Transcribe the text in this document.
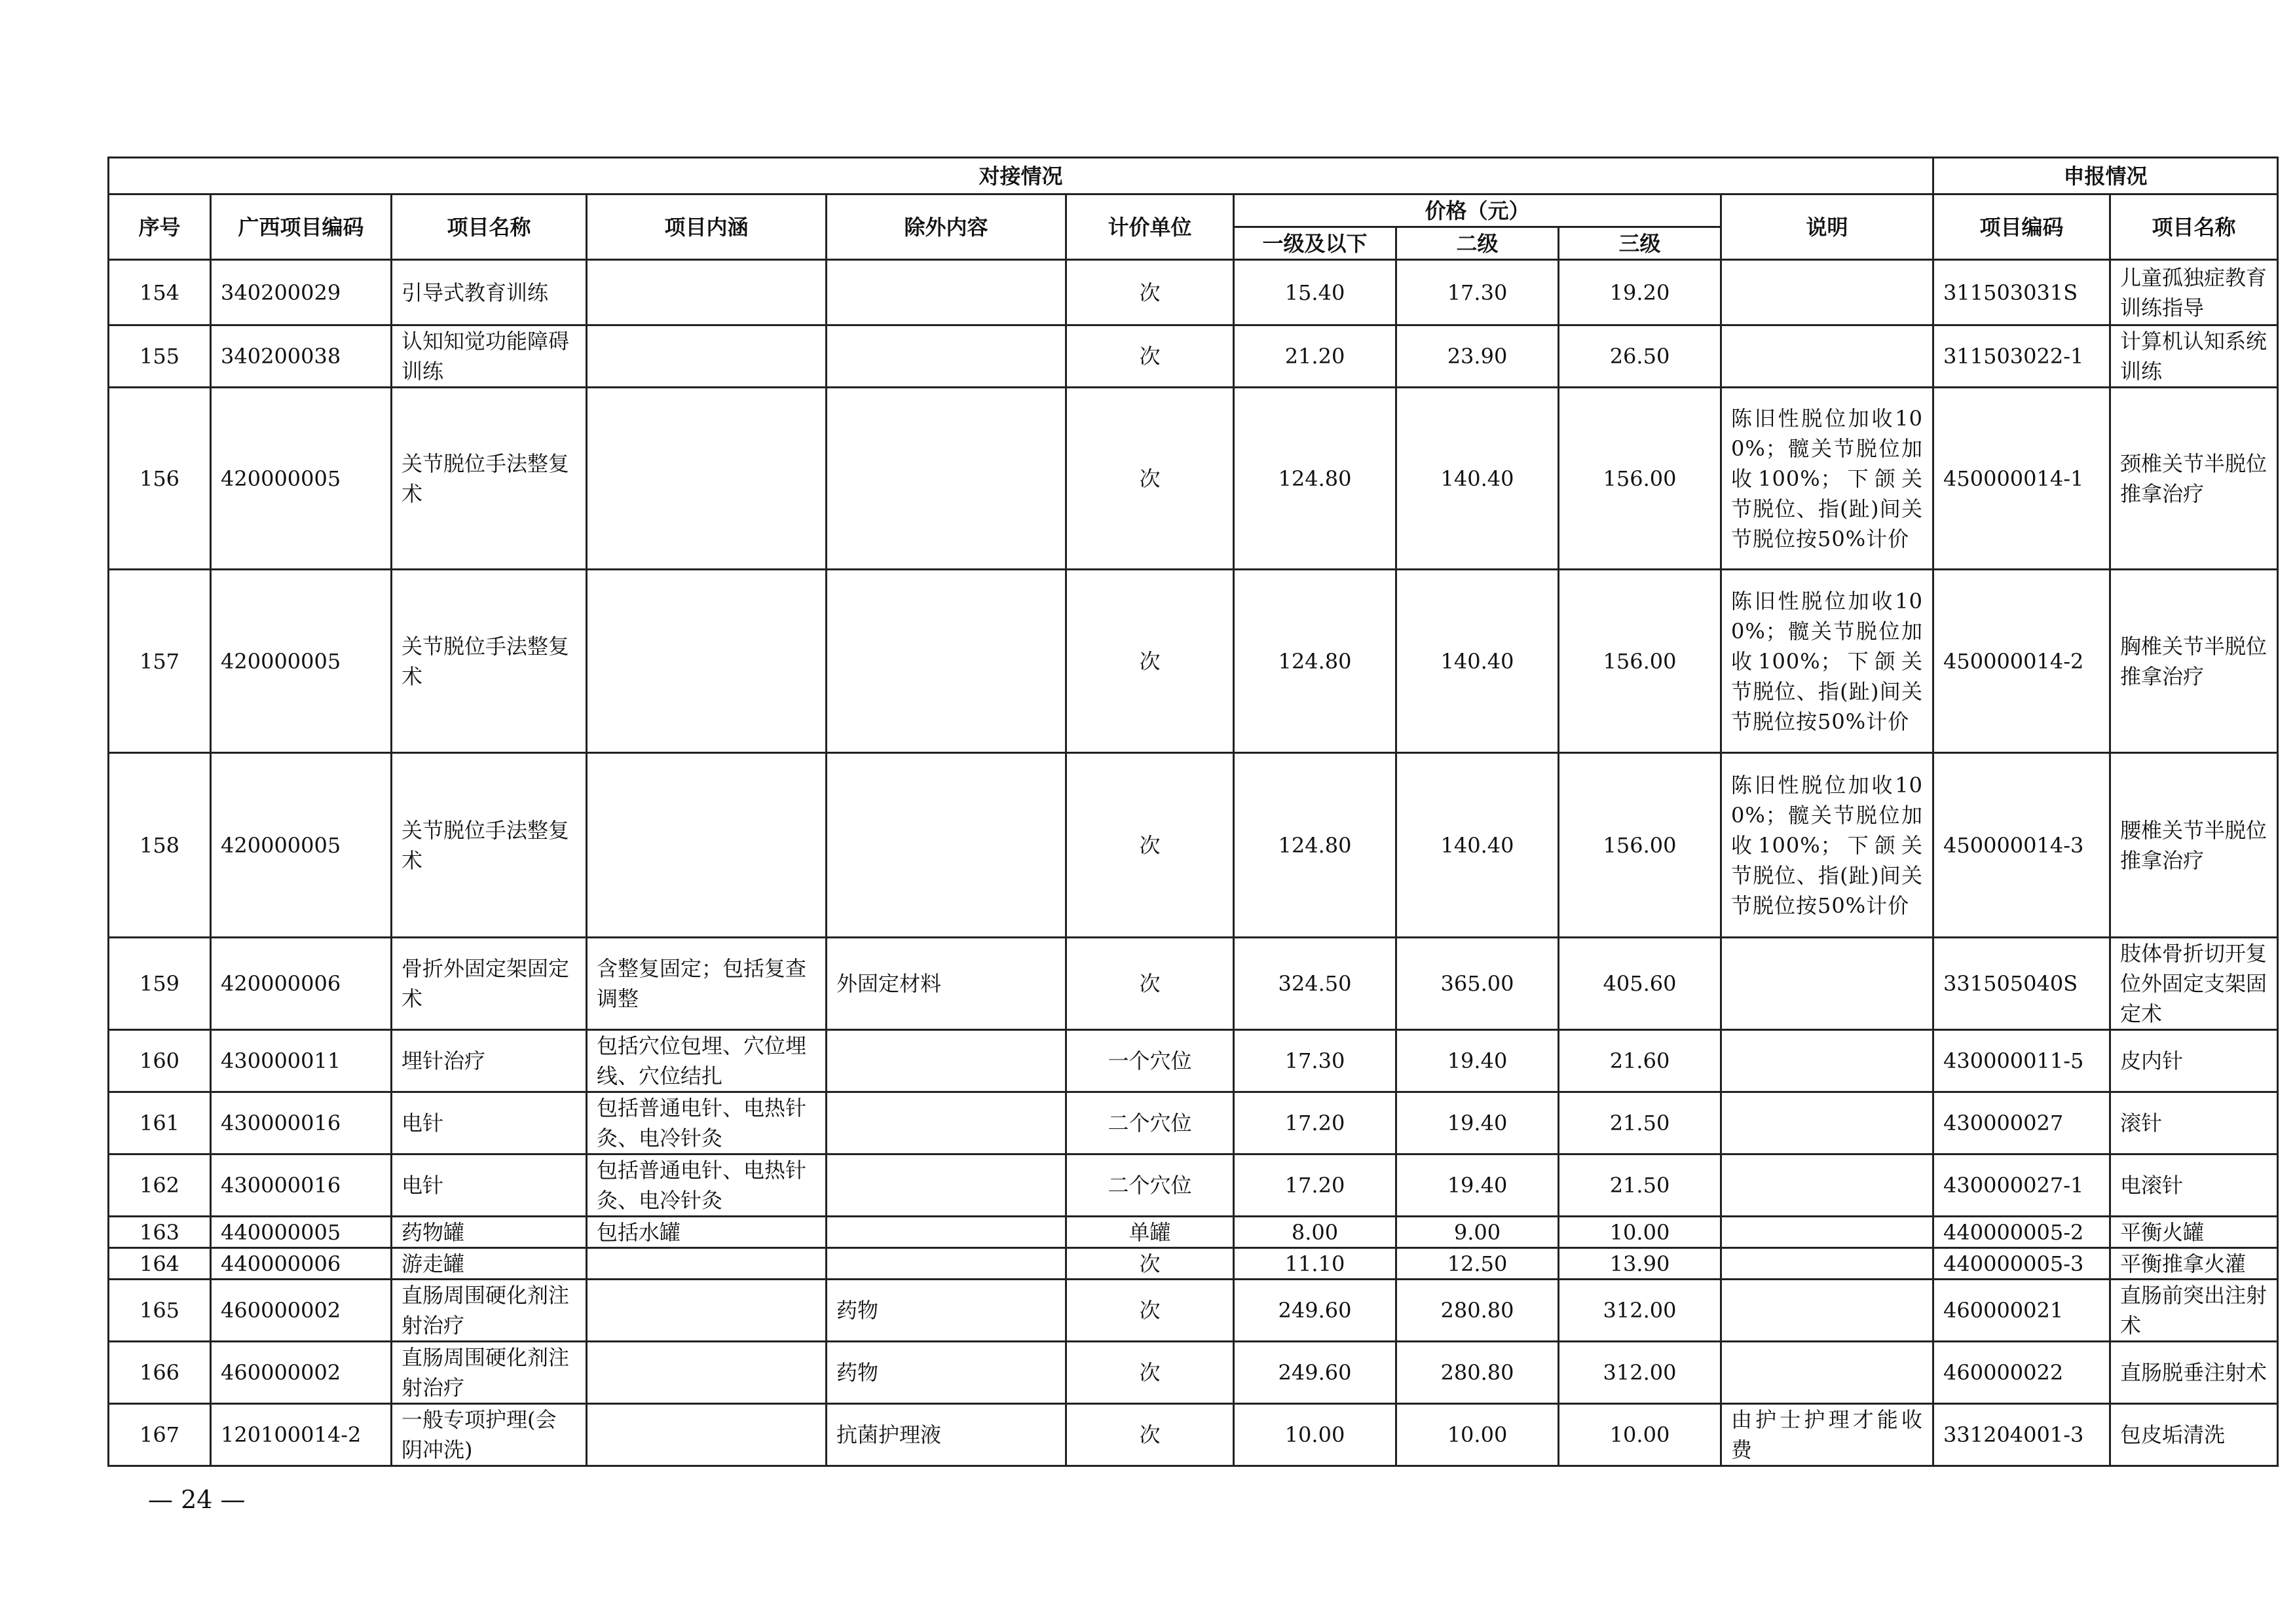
对接情况										申报情况	
序号	广西项目编码	项目名称	项目内涵	除外内容	计价单位	价格（元）			说明	项目编码	项目名称
						一级及以下	二级	三级			
154	340200029	引导式教育训练			次	15.40	17.30	19.20		311503031S	儿童孤独症教育训练指导
155	340200038	认知知觉功能障碍训练			次	21.20	23.90	26.50		311503022-1	计算机认知系统训练
156	420000005	关节脱位手法整复术			次	124.80	140.40	156.00	陈旧性脱位加收100%；髋关节脱位加收100%；下颌关节脱位、指(趾)间关节脱位按50%计价	450000014-1	颈椎关节半脱位推拿治疗
157	420000005	关节脱位手法整复术			次	124.80	140.40	156.00	陈旧性脱位加收100%；髋关节脱位加收100%；下颌关节脱位、指(趾)间关节脱位按50%计价	450000014-2	胸椎关节半脱位推拿治疗
158	420000005	关节脱位手法整复术			次	124.80	140.40	156.00	陈旧性脱位加收100%；髋关节脱位加收100%；下颌关节脱位、指(趾)间关节脱位按50%计价	450000014-3	腰椎关节半脱位推拿治疗
159	420000006	骨折外固定架固定术	含整复固定；包括复查调整	外固定材料	次	324.50	365.00	405.60		331505040S	肢体骨折切开复位外固定支架固定术
160	430000011	埋针治疗	包括穴位包埋、穴位埋线、穴位结扎		一个穴位	17.30	19.40	21.60		430000011-5	皮内针
161	430000016	电针	包括普通电针、电热针灸、电冷针灸		二个穴位	17.20	19.40	21.50		430000027	滚针
162	430000016	电针	包括普通电针、电热针灸、电冷针灸		二个穴位	17.20	19.40	21.50		430000027-1	电滚针
163	440000005	药物罐	包括水罐		单罐	8.00	9.00	10.00		440000005-2	平衡火罐
164	440000006	游走罐			次	11.10	12.50	13.90		440000005-3	平衡推拿火灌
165	460000002	直肠周围硬化剂注射治疗		药物	次	249.60	280.80	312.00		460000021	直肠前突出注射术
166	460000002	直肠周围硬化剂注射治疗		药物	次	249.60	280.80	312.00		460000022	直肠脱垂注射术
167	120100014-2	一般专项护理(会阴冲洗)		抗菌护理液	次	10.00	10.00	10.00	由护士护理才能收费	331204001-3	包皮垢清洗
— 24 —
